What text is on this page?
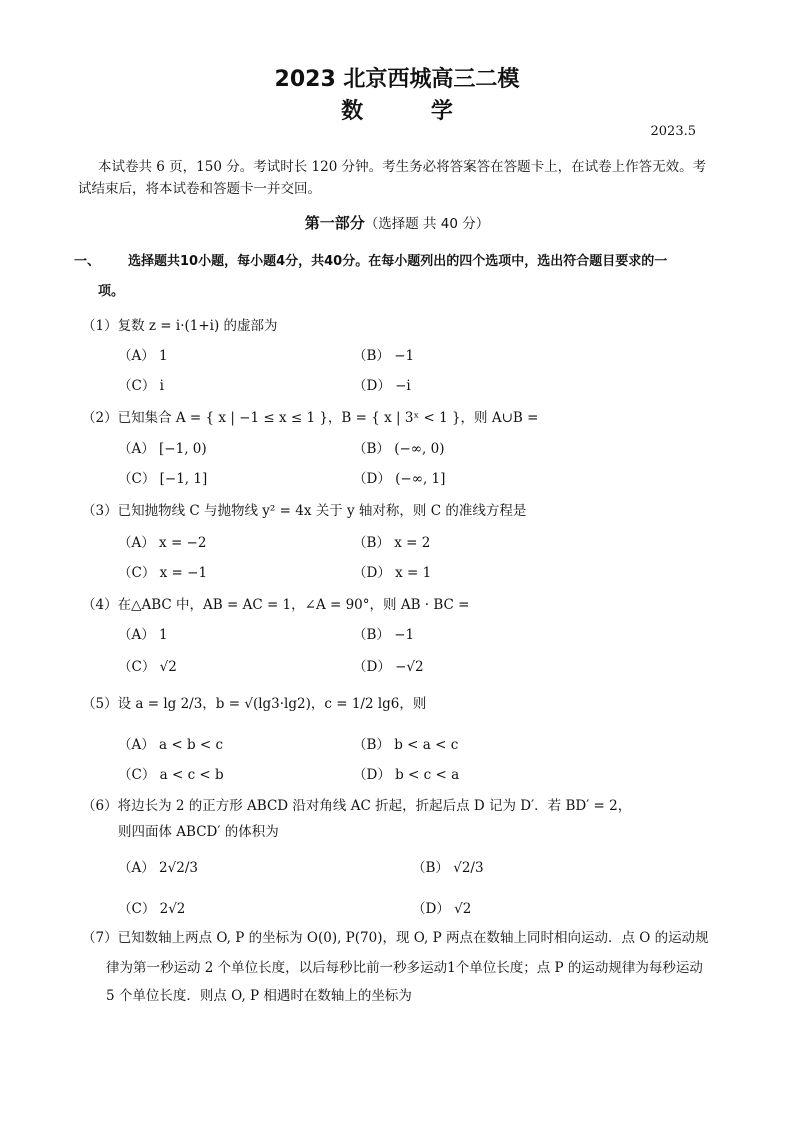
2023 北京西城高三二模
数 学
2023.5
本试卷共 6 页，150 分。考试时长 120 分钟。考生务必将答案答在答题卡上，在试卷上作答无效。考试结束后，将本试卷和答题卡一并交回。
第一部分（选择题 共 40 分）
一、 选择题共10小题，每小题4分，共40分。在每小题列出的四个选项中，选出符合题目要求的一
项。
（1）复数 z = i·(1+i) 的虚部为
（A） 1	（B） −1
（C） i	（D） −i
（2）已知集合 A = { x | −1 ≤ x ≤ 1 }，B = { x | 3ˣ < 1 }，则 A∪B =
（A） [−1, 0)	（B） (−∞, 0)
（C） [−1, 1]	（D） (−∞, 1]
（3）已知抛物线 C 与抛物线 y² = 4x 关于 y 轴对称，则 C 的准线方程是
（A） x = −2	（B） x = 2
（C） x = −1	（D） x = 1
（4）在△ABC 中，AB = AC = 1，∠A = 90°，则 AB · BC =
（A） 1	（B） −1
（C） √2	（D） −√2
（5）设 a = lg 2/3，b = √(lg3·lg2)，c = 1/2 lg6，则
（A） a < b < c	（B） b < a < c
（C） a < c < b	（D） b < c < a
（6）将边长为 2 的正方形 ABCD 沿对角线 AC 折起，折起后点 D 记为 D′．若 BD′ = 2，
则四面体 ABCD′ 的体积为
（A） 2√2/3	（B） √2/3
（C） 2√2	（D） √2
（7）已知数轴上两点 O, P 的坐标为 O(0), P(70)，现 O, P 两点在数轴上同时相向运动．点 O 的运动规
律为第一秒运动 2 个单位长度，以后每秒比前一秒多运动1个单位长度；点 P 的运动规律为每秒运动
5 个单位长度．则点 O, P 相遇时在数轴上的坐标为
